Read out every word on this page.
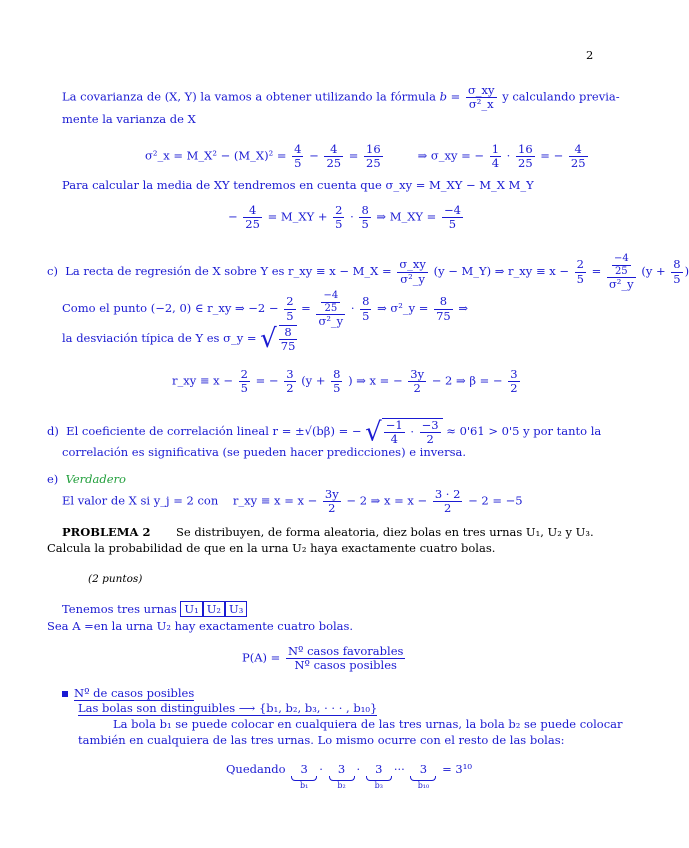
2
La covarianza de (X, Y) la vamos a obtener utilizando la fórmula $b = \frac{\sigma\_xy}{\text{σ²\_x}}$ y calculando previa-
mente la varianza de X
σ²_x = M_X² − (M_X)² = $\frac{4}{5} - \frac{4}{25} = \frac{16}{25}$	⇒ σ_xy = − $\frac{1}{4} \cdot \frac{16}{25}$ = − $\frac{4}{25}$
Para calcular la media de XY tendremos en cuenta que σ_xy = M_XY − M_X M_Y
− $\frac{4}{25}$ = M_XY + $\frac{2}{5} \cdot \frac{8}{5}$ ⇒ M_XY = $\frac{-4}{5}$
c) La recta de regresión de X sobre Y es r_xy ≡ x − M_X = $\frac{\sigma\_xy}{\text{σ²\_y}} (y$ − M_Y) ⇒ r_xy ≡ $x - \frac{2}{5} = \frac{\frac{-4}{25}}{\text{σ²\_y}} (y + \frac{8}{5}$ )
Como el punto (−2, 0) ∈ r_xy ⇒ $-2 - \frac{2}{5} = \frac{\frac{-4}{25}}{\text{σ²\_y}} \cdot \frac{8}{5}$ ⇒ σ²_y = $\frac{8}{75}$ ⇒
la desviación típica de Y es σ_y = √ $\frac{8}{75}$
r_xy ≡ $x - \frac{2}{5}$ = − $\frac{3}{2} (y + \frac{8}{5}$ ) ⇒ x = − $\frac{3y}{2} - 2$ ⇒ β = − $\frac{3}{2}$
d) El coeficiente de correlación lineal r = ±√(bβ) = − √ $\frac{-1}{4} \cdot \frac{-3}{2} \approx 0'61 > 0'5$ y por tanto la
correlación es significativa (se pueden hacer predicciones) e inversa.
e) Verdadero
El valor de X si y_j = 2 con r_xy ≡ $x = x - \frac{3y}{2} - 2$ ⇒ $x = x - \frac{3 \cdot 2}{2} - 2 = -5$
PROBLEMA 2 Se distribuyen, de forma aleatoria, diez bolas en tres urnas U₁, U₂ y U₃.
Calcula la probabilidad de que en la urna U₂ haya exactamente cuatro bolas.
(2 puntos)
Tenemos tres urnas U₁ U₂ U₃
Sea A =en la urna U₂ hay exactamente cuatro bolas.
$P(A) = \frac{\text{Nº casos favorables}}{\text{Nº casos posibles}}$
Nº de casos posibles
Las bolas son distinguibles ⟶ {b₁, b₂, b₃, · · · , b₁₀}
La bola b₁ se puede colocar en cualquiera de las tres urnas, la bola b₂ se puede colocar
también en cualquiera de las tres urnas. Lo mismo ocurre con el resto de las bolas:
Quedando 3
b₁
· 3
b₂
· 3
b₃
··· 3
b₁₀
= 3¹⁰
